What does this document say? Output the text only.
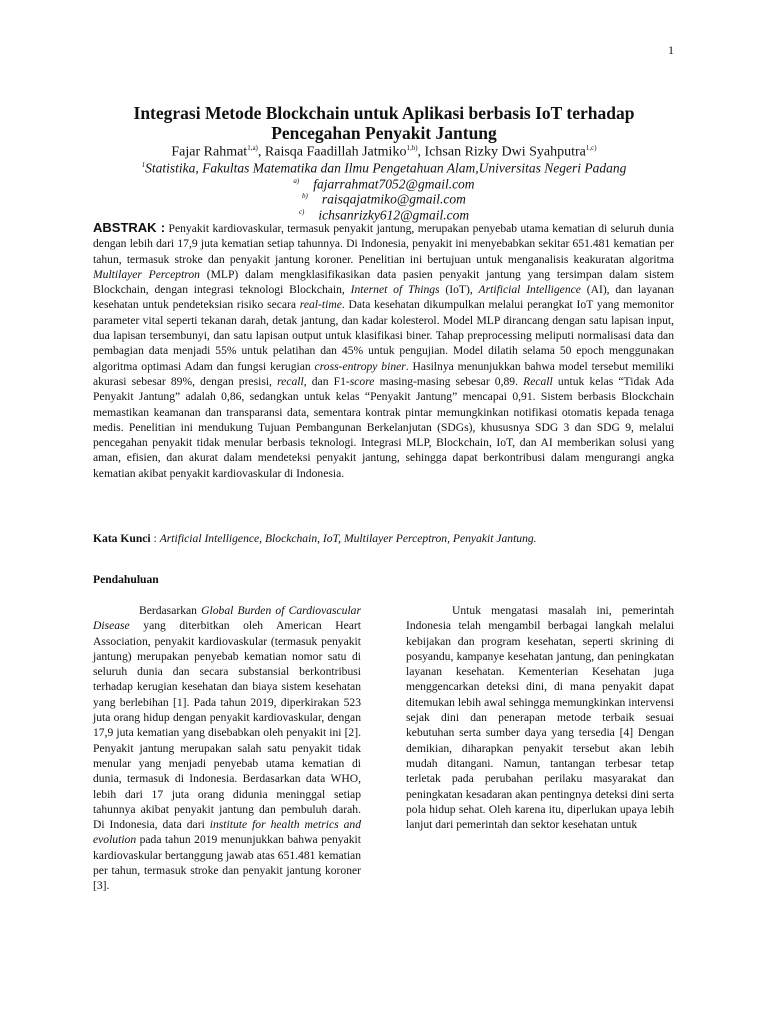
1
Integrasi Metode Blockchain untuk Aplikasi berbasis IoT terhadap Pencegahan Penyakit Jantung
Fajar Rahmat$^{1,a)}$, Raisqa Faadillah Jatmiko$^{1,b)}$, Ichsan Rizky Dwi Syahputra$^{1,c)}$
$^1$Statistika, Fakultas Matematika dan Ilmu Pengetahuan Alam,Universitas Negeri Padang
$^{a)}$ fajarrahmat7052@gmail.com
$^{b)}$ raisqajatmiko@gmail.com
$^{c)}$ ichsanrizky612@gmail.com
ABSTRAK : Penyakit kardiovaskular, termasuk penyakit jantung, merupakan penyebab utama kematian di seluruh dunia dengan lebih dari 17,9 juta kematian setiap tahunnya. Di Indonesia, penyakit ini menyebabkan sekitar 651.481 kematian per tahun, termasuk stroke dan penyakit jantung koroner. Penelitian ini bertujuan untuk menganalisis keakuratan algoritma Multilayer Perceptron (MLP) dalam mengklasifikasikan data pasien penyakit jantung yang tersimpan dalam sistem Blockchain, dengan integrasi teknologi Blockchain, Internet of Things (IoT), Artificial Intelligence (AI), dan layanan kesehatan untuk pendeteksian risiko secara real-time. Data kesehatan dikumpulkan melalui perangkat IoT yang memonitor parameter vital seperti tekanan darah, detak jantung, dan kadar kolesterol. Model MLP dirancang dengan satu lapisan input, dua lapisan tersembunyi, dan satu lapisan output untuk klasifikasi biner. Tahap preprocessing meliputi normalisasi data dan pembagian data menjadi 55% untuk pelatihan dan 45% untuk pengujian. Model dilatih selama 50 epoch menggunakan algoritma optimasi Adam dan fungsi kerugian cross-entropy biner. Hasilnya menunjukkan bahwa model tersebut memiliki akurasi sebesar 89%, dengan presisi, recall, dan F1-score masing-masing sebesar 0,89. Recall untuk kelas “Tidak Ada Penyakit Jantung” adalah 0,86, sedangkan untuk kelas “Penyakit Jantung” mencapai 0,91. Sistem berbasis Blockchain memastikan keamanan dan transparansi data, sementara kontrak pintar memungkinkan notifikasi otomatis kepada tenaga medis. Penelitian ini mendukung Tujuan Pembangunan Berkelanjutan (SDGs), khususnya SDG 3 dan SDG 9, melalui pencegahan penyakit tidak menular berbasis teknologi. Integrasi MLP, Blockchain, IoT, dan AI memberikan solusi yang aman, efisien, dan akurat dalam mendeteksi penyakit jantung, sehingga dapat berkontribusi dalam mengurangi angka kematian akibat penyakit kardiovaskular di Indonesia.
Kata Kunci : Artificial Intelligence, Blockchain, IoT, Multilayer Perceptron, Penyakit Jantung.
Pendahuluan
Berdasarkan Global Burden of Cardiovascular Disease yang diterbitkan oleh American Heart Association, penyakit kardiovaskular (termasuk penyakit jantung) merupakan penyebab kematian nomor satu di seluruh dunia dan secara substansial berkontribusi terhadap kerugian kesehatan dan biaya sistem kesehatan yang berlebihan [1]. Pada tahun 2019, diperkirakan 523 juta orang hidup dengan penyakit kardiovaskular, dengan 17,9 juta kematian yang disebabkan oleh penyakit ini [2]. Penyakit jantung merupakan salah satu penyakit tidak menular yang menjadi penyebab utama kematian di dunia, termasuk di Indonesia. Berdasarkan data WHO, lebih dari 17 juta orang didunia meninggal setiap tahunnya akibat penyakit jantung dan pembuluh darah. Di Indonesia, data dari institute for health metrics and evolution pada tahun 2019 menunjukkan bahwa penyakit kardiovaskular bertanggung jawab atas 651.481 kematian per tahun, termasuk stroke dan penyakit jantung koroner [3].
Untuk mengatasi masalah ini, pemerintah Indonesia telah mengambil berbagai langkah melalui kebijakan dan program kesehatan, seperti skrining di posyandu, kampanye kesehatan jantung, dan peningkatan layanan kesehatan. Kementerian Kesehatan juga menggencarkan deteksi dini, di mana penyakit dapat ditemukan lebih awal sehingga memungkinkan intervensi sejak dini dan penerapan metode terbaik sesuai kebutuhan serta sumber daya yang tersedia [4] Dengan demikian, diharapkan penyakit tersebut akan lebih mudah ditangani. Namun, tantangan terbesar tetap terletak pada perubahan perilaku masyarakat dan peningkatan kesadaran akan pentingnya deteksi dini serta pola hidup sehat. Oleh karena itu, diperlukan upaya lebih lanjut dari pemerintah dan sektor kesehatan untuk
